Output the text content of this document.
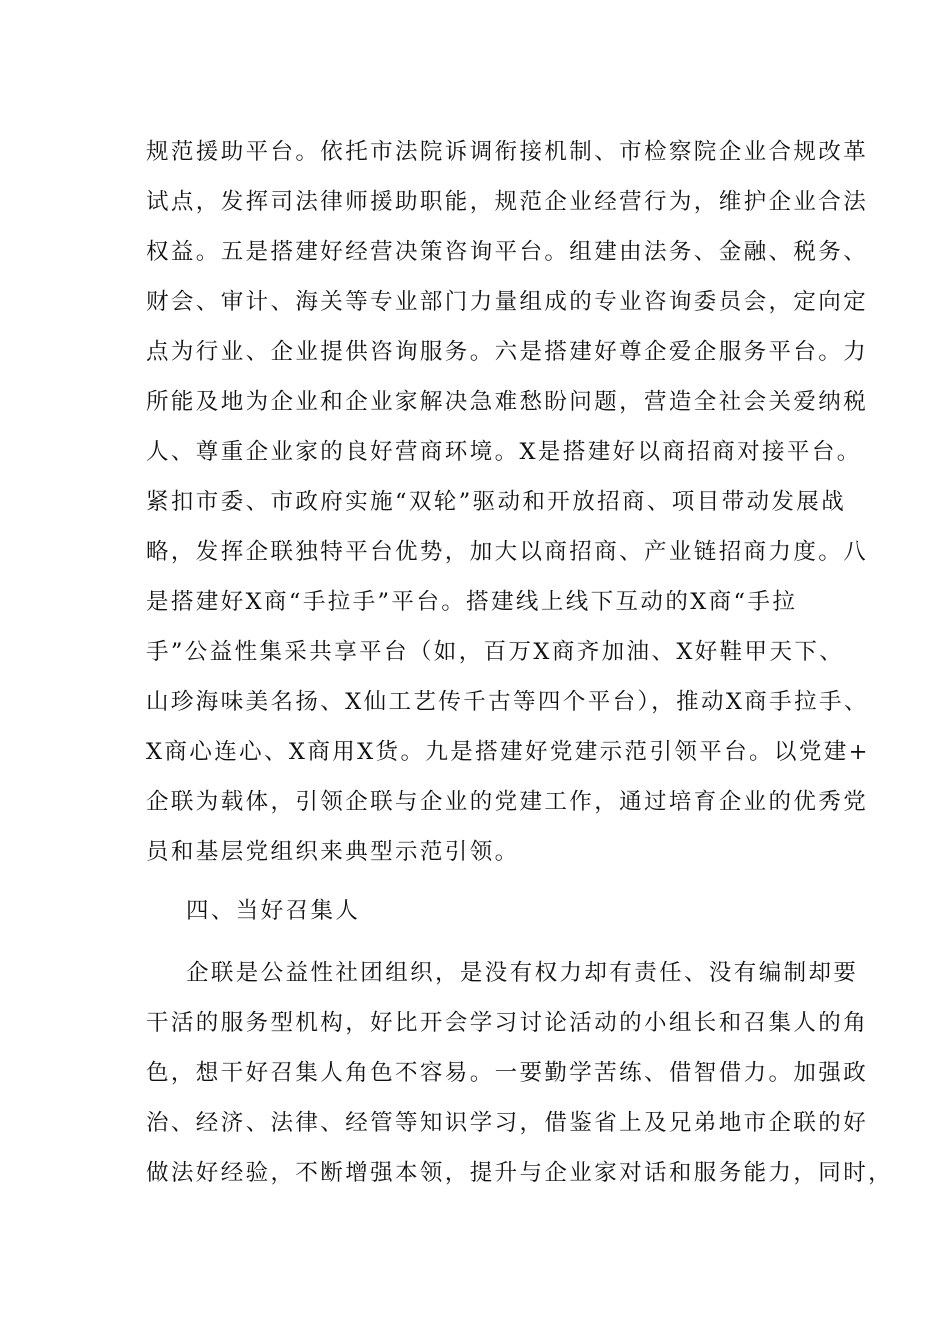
规范援助平台。依托市法院诉调衔接机制、市检察院企业合规改革

试点，发挥司法律师援助职能，规范企业经营行为，维护企业合法

权益。五是搭建好经营决策咨询平台。组建由法务、金融、税务、

财会、审计、海关等专业部门力量组成的专业咨询委员会，定向定

点为行业、企业提供咨询服务。六是搭建好尊企爱企服务平台。力

所能及地为企业和企业家解决急难愁盼问题，营造全社会关爱纳税

人、尊重企业家的良好营商环境。X是搭建好以商招商对接平台。

紧扣市委、市政府实施“双轮”驱动和开放招商、项目带动发展战

略，发挥企联独特平台优势，加大以商招商、产业链招商力度。八

是搭建好X商“手拉手”平台。搭建线上线下互动的X商“手拉

手”公益性集采共享平台（如，百万X商齐加油、X好鞋甲天下、

山珍海味美名扬、X仙工艺传千古等四个平台），推动X商手拉手、

X商心连心、X商用X货。九是搭建好党建示范引领平台。以党建+

企联为载体，引领企联与企业的党建工作，通过培育企业的优秀党

员和基层党组织来典型示范引领。

四、当好召集人

企联是公益性社团组织，是没有权力却有责任、没有编制却要

干活的服务型机构，好比开会学习讨论活动的小组长和召集人的角

色，想干好召集人角色不容易。一要勤学苦练、借智借力。加强政

治、经济、法律、经管等知识学习，借鉴省上及兄弟地市企联的好

做法好经验，不断增强本领，提升与企业家对话和服务能力，同时，
